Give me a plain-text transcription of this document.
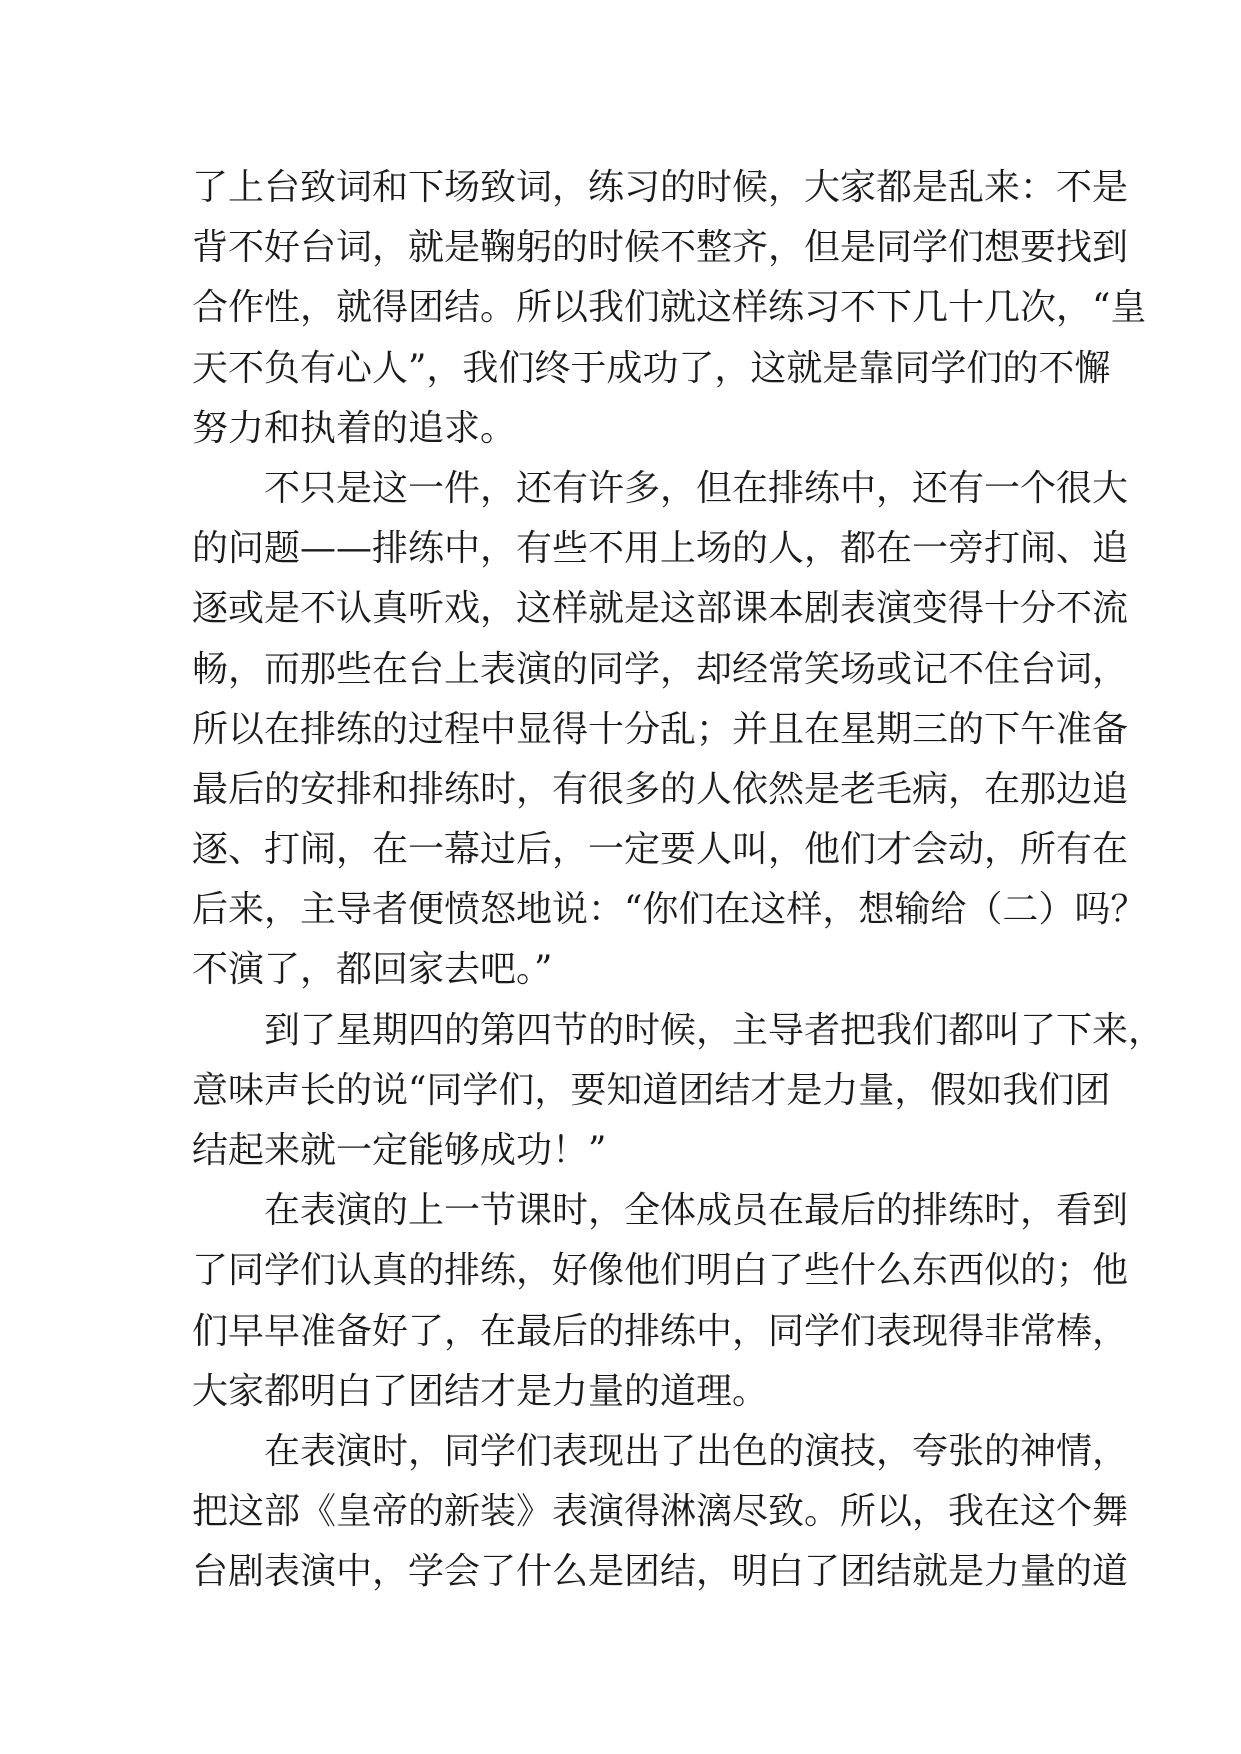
了上台致词和下场致词，练习的时候，大家都是乱来：不是
背不好台词，就是鞠躬的时候不整齐，但是同学们想要找到
合作性，就得团结。所以我们就这样练习不下几十几次，“皇
天不负有心人”，我们终于成功了，这就是靠同学们的不懈
努力和执着的追求。
不只是这一件，还有许多，但在排练中，还有一个很大
的问题——排练中，有些不用上场的人，都在一旁打闹、追
逐或是不认真听戏，这样就是这部课本剧表演变得十分不流
畅，而那些在台上表演的同学，却经常笑场或记不住台词，
所以在排练的过程中显得十分乱；并且在星期三的下午准备
最后的安排和排练时，有很多的人依然是老毛病，在那边追
逐、打闹，在一幕过后，一定要人叫，他们才会动，所有在
后来，主导者便愤怒地说：“你们在这样，想输给（二）吗？
不演了，都回家去吧。”
到了星期四的第四节的时候，主导者把我们都叫了下来，
意味声长的说“同学们，要知道团结才是力量，假如我们团
结起来就一定能够成功！”
在表演的上一节课时，全体成员在最后的排练时，看到
了同学们认真的排练，好像他们明白了些什么东西似的；他
们早早准备好了，在最后的排练中，同学们表现得非常棒，
大家都明白了团结才是力量的道理。
在表演时，同学们表现出了出色的演技，夸张的神情，
把这部《皇帝的新装》表演得淋漓尽致。所以，我在这个舞
台剧表演中，学会了什么是团结，明白了团结就是力量的道
